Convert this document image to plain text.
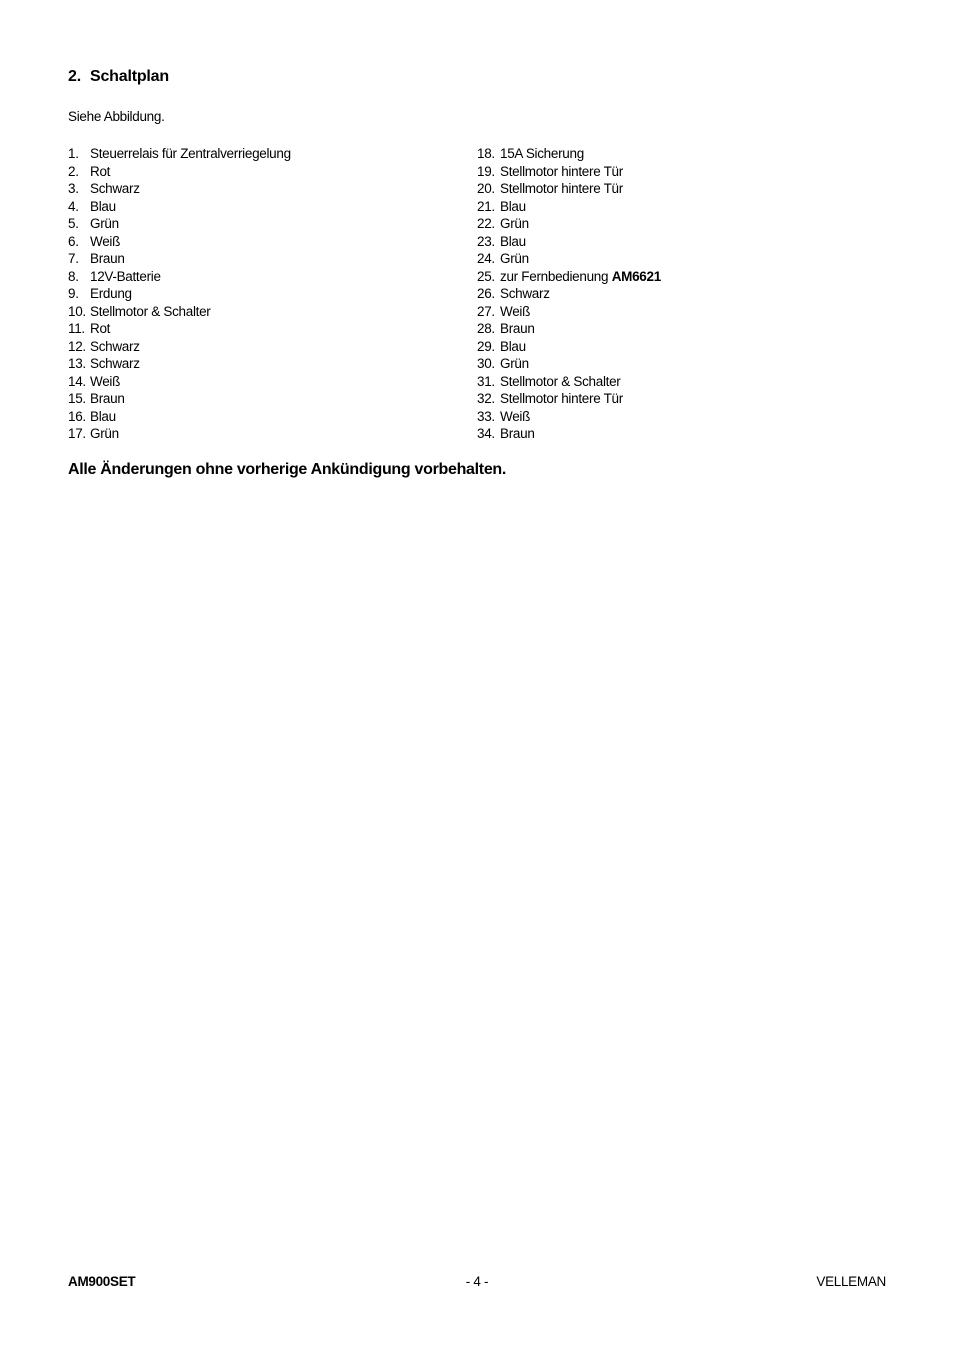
2. Schaltplan
Siehe Abbildung.
1. Steuerrelais für Zentralverriegelung
2. Rot
3. Schwarz
4. Blau
5. Grün
6. Weiß
7. Braun
8. 12V-Batterie
9. Erdung
10. Stellmotor & Schalter
11. Rot
12. Schwarz
13. Schwarz
14. Weiß
15. Braun
16. Blau
17. Grün
18. 15A Sicherung
19. Stellmotor hintere Tür
20. Stellmotor hintere Tür
21. Blau
22. Grün
23. Blau
24. Grün
25. zur Fernbedienung AM6621
26. Schwarz
27. Weiß
28. Braun
29. Blau
30. Grün
31. Stellmotor & Schalter
32. Stellmotor hintere Tür
33. Weiß
34. Braun
Alle Änderungen ohne vorherige Ankündigung vorbehalten.
AM900SET	- 4 -	VELLEMAN
